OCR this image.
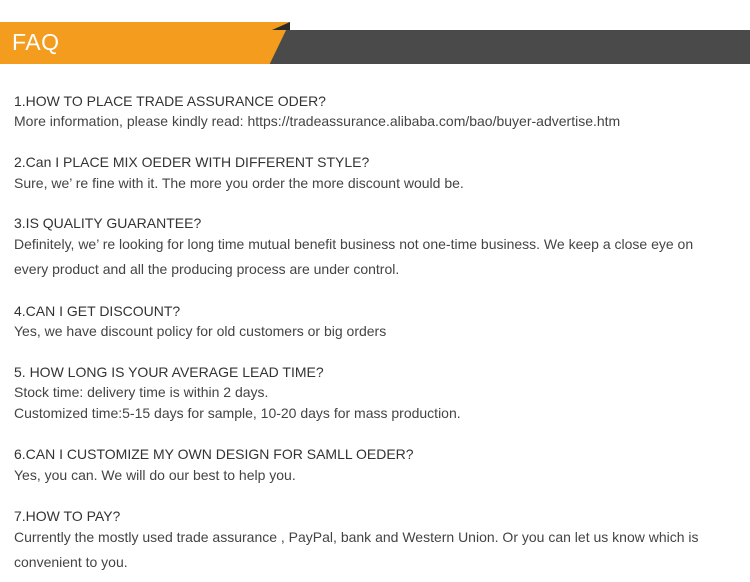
FAQ
1.HOW TO PLACE TRADE ASSURANCE ODER?
More information, please kindly read: https://tradeassurance.alibaba.com/bao/buyer-advertise.htm
2.Can I PLACE MIX OEDER WITH DIFFERENT STYLE?
Sure, we’ re fine with it. The more you order the more discount would be.
3.IS QUALITY GUARANTEE?
Definitely, we’ re looking for long time mutual benefit business not one-time business. We keep a close eye on
every product and all the producing process are under control.
4.CAN I GET DISCOUNT?
Yes, we have discount policy for old customers or big orders
5. HOW LONG IS YOUR AVERAGE LEAD TIME?
Stock time: delivery time is within 2 days.
Customized time:5-15 days for sample, 10-20 days for mass production.
6.CAN I CUSTOMIZE MY OWN DESIGN FOR SAMLL OEDER?
Yes, you can. We will do our best to help you.
7.HOW TO PAY?
Currently the mostly used trade assurance , PayPal, bank and Western Union. Or you can let us know which is
convenient to you.
